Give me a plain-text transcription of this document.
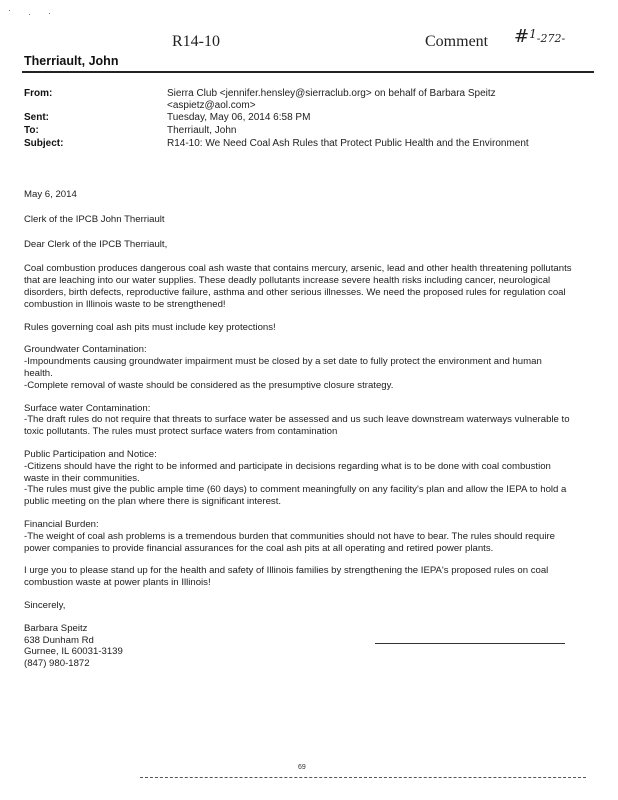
· · ·
R14-10	Comment #$^1$-272-
Therriault, John
From:	Sierra Club <jennifer.hensley@sierraclub.org> on behalf of Barbara Speitz <aspietz@aol.com>
Sent:	Tuesday, May 06, 2014 6:58 PM
To:	Therriault, John
Subject:	R14-10: We Need Coal Ash Rules that Protect Public Health and the Environment

May 6, 2014

Clerk of the IPCB John Therriault

Dear Clerk of the IPCB Therriault,

Coal combustion produces dangerous coal ash waste that contains mercury, arsenic, lead and other health threatening pollutants that are leaching into our water supplies. These deadly pollutants increase severe health risks including cancer, neurological disorders, birth defects, reproductive failure, asthma and other serious illnesses. We need the proposed rules for regulation coal combustion in Illinois waste to be strengthened!

Rules governing coal ash pits must include key protections!

Groundwater Contamination:

-Impoundments causing groundwater impairment must be closed by a set date to fully protect the environment and human health.

-Complete removal of waste should be considered as the presumptive closure strategy.

Surface water Contamination:

-The draft rules do not require that threats to surface water be assessed and us such leave downstream waterways vulnerable to toxic pollutants. The rules must protect surface waters from contamination

Public Participation and Notice:

-Citizens should have the right to be informed and participate in decisions regarding what is to be done with coal combustion waste in their communities.

-The rules must give the public ample time (60 days) to comment meaningfully on any facility's plan and allow the IEPA to hold a public meeting on the plan where there is significant interest.

Financial Burden:

-The weight of coal ash problems is a tremendous burden that communities should not have to bear. The rules should require power companies to provide financial assurances for the coal ash pits at all operating and retired power plants.

I urge you to please stand up for the health and safety of Illinois families by strengthening the IEPA's proposed rules on coal combustion waste at power plants in Illinois!

Sincerely,

Barbara Speitz

638 Dunham Rd

Gurnee, IL 60031-3139

(847) 980-1872

69
